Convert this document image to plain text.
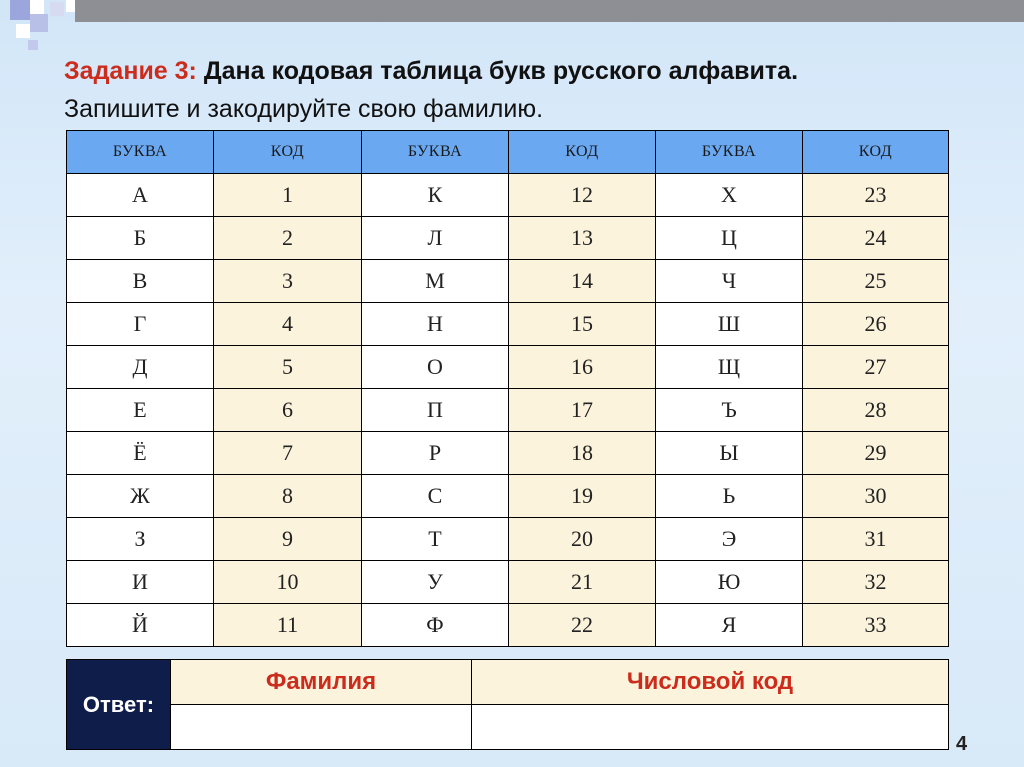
Задание 3: Дана кодовая таблица букв русского алфавита.
Запишите и закодируйте свою фамилию.
БУКВА	КОД	БУКВА	КОД	БУКВА	КОД
А	1	К	12	Х	23
Б	2	Л	13	Ц	24
В	3	М	14	Ч	25
Г	4	Н	15	Ш	26
Д	5	О	16	Щ	27
Е	6	П	17	Ъ	28
Ё	7	Р	18	Ы	29
Ж	8	С	19	Ь	30
З	9	Т	20	Э	31
И	10	У	21	Ю	32
Й	11	Ф	22	Я	33
Ответ:	Фамилия	Числовой код

4
